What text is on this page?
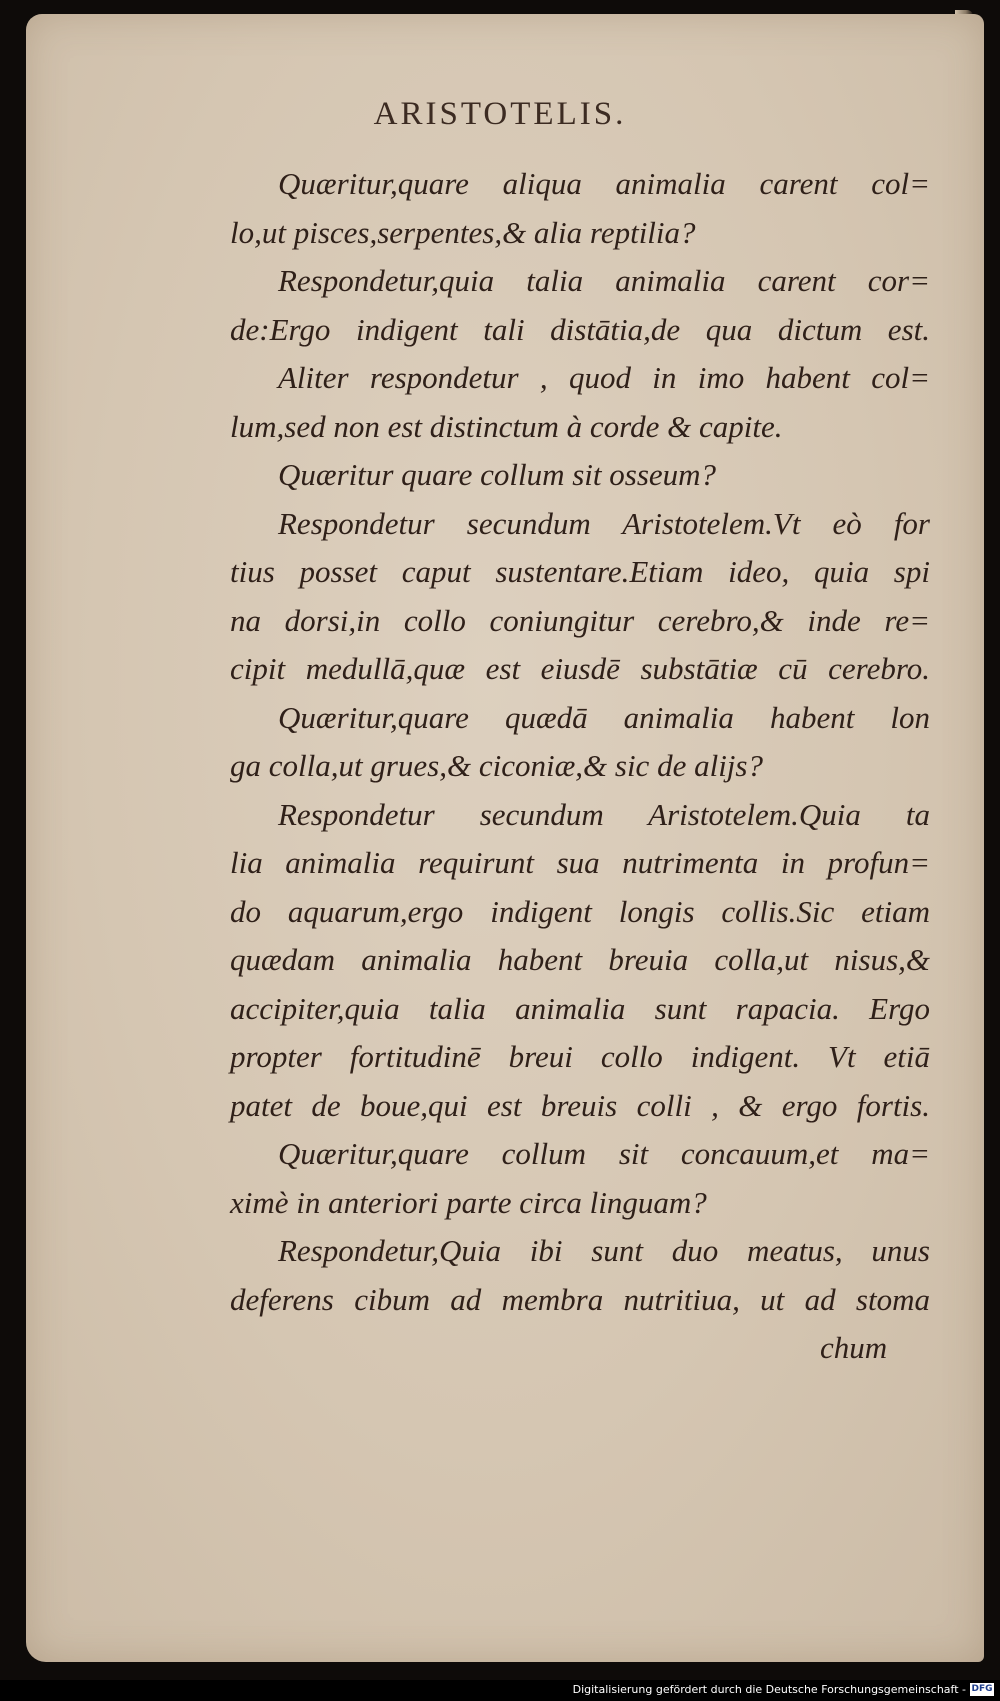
ARISTOTELIS.
Quæritur,quare aliqua animalia carent col=
lo,ut pisces,serpentes,& alia reptilia?
Respondetur,quia talia animalia carent cor=
de:Ergo indigent tali distātia,de qua dictum est.
Aliter respondetur , quod in imo habent col=
lum,sed non est distinctum à corde & capite.
Quæritur quare collum sit osseum?
Respondetur secundum Aristotelem.Vt eò for
tius posset caput sustentare.Etiam ideo, quia spi
na dorsi,in collo coniungitur cerebro,& inde re=
cipit medullā,quæ est eiusdē substātiæ cū cerebro.
Quæritur,quare quædā animalia habent lon
ga colla,ut grues,& ciconiæ,& sic de alijs?
Respondetur secundum Aristotelem.Quia ta
lia animalia requirunt sua nutrimenta in profun=
do aquarum,ergo indigent longis collis.Sic etiam
quædam animalia habent breuia colla,ut nisus,&
accipiter,quia talia animalia sunt rapacia. Ergo
propter fortitudinē breui collo indigent. Vt etiā
patet de boue,qui est breuis colli , & ergo fortis.
Quæritur,quare collum sit concauum,et ma=
ximè in anteriori parte circa linguam?
Respondetur,Quia ibi sunt duo meatus, unus
deferens cibum ad membra nutritiua, ut ad stoma
chum
Digitalisierung gefördert durch die Deutsche Forschungsgemeinschaft - DFG
